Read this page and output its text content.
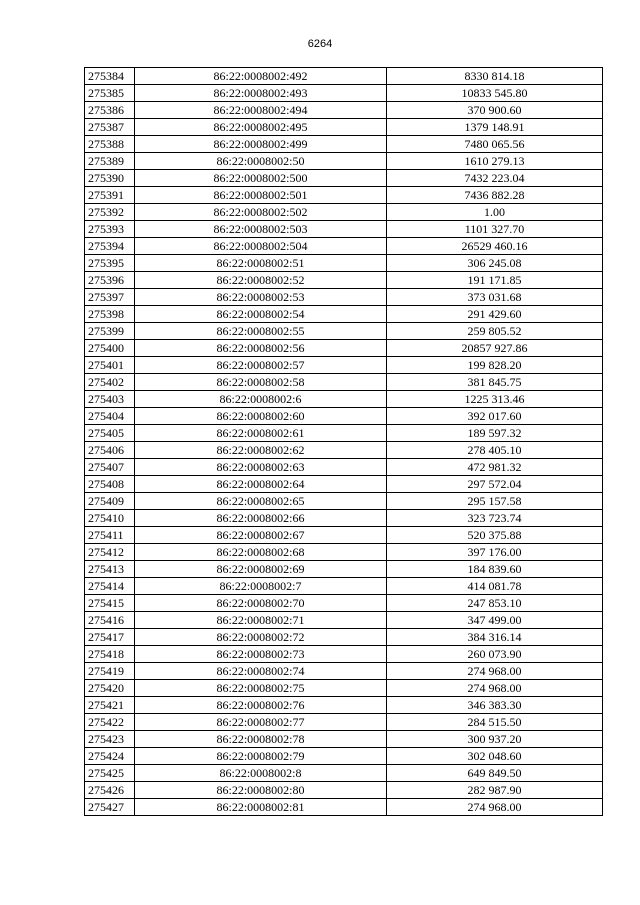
6264
275384	86:22:0008002:492	8330 814.18
275385	86:22:0008002:493	10833 545.80
275386	86:22:0008002:494	370 900.60
275387	86:22:0008002:495	1379 148.91
275388	86:22:0008002:499	7480 065.56
275389	86:22:0008002:50	1610 279.13
275390	86:22:0008002:500	7432 223.04
275391	86:22:0008002:501	7436 882.28
275392	86:22:0008002:502	1.00
275393	86:22:0008002:503	1101 327.70
275394	86:22:0008002:504	26529 460.16
275395	86:22:0008002:51	306 245.08
275396	86:22:0008002:52	191 171.85
275397	86:22:0008002:53	373 031.68
275398	86:22:0008002:54	291 429.60
275399	86:22:0008002:55	259 805.52
275400	86:22:0008002:56	20857 927.86
275401	86:22:0008002:57	199 828.20
275402	86:22:0008002:58	381 845.75
275403	86:22:0008002:6	1225 313.46
275404	86:22:0008002:60	392 017.60
275405	86:22:0008002:61	189 597.32
275406	86:22:0008002:62	278 405.10
275407	86:22:0008002:63	472 981.32
275408	86:22:0008002:64	297 572.04
275409	86:22:0008002:65	295 157.58
275410	86:22:0008002:66	323 723.74
275411	86:22:0008002:67	520 375.88
275412	86:22:0008002:68	397 176.00
275413	86:22:0008002:69	184 839.60
275414	86:22:0008002:7	414 081.78
275415	86:22:0008002:70	247 853.10
275416	86:22:0008002:71	347 499.00
275417	86:22:0008002:72	384 316.14
275418	86:22:0008002:73	260 073.90
275419	86:22:0008002:74	274 968.00
275420	86:22:0008002:75	274 968.00
275421	86:22:0008002:76	346 383.30
275422	86:22:0008002:77	284 515.50
275423	86:22:0008002:78	300 937.20
275424	86:22:0008002:79	302 048.60
275425	86:22:0008002:8	649 849.50
275426	86:22:0008002:80	282 987.90
275427	86:22:0008002:81	274 968.00
